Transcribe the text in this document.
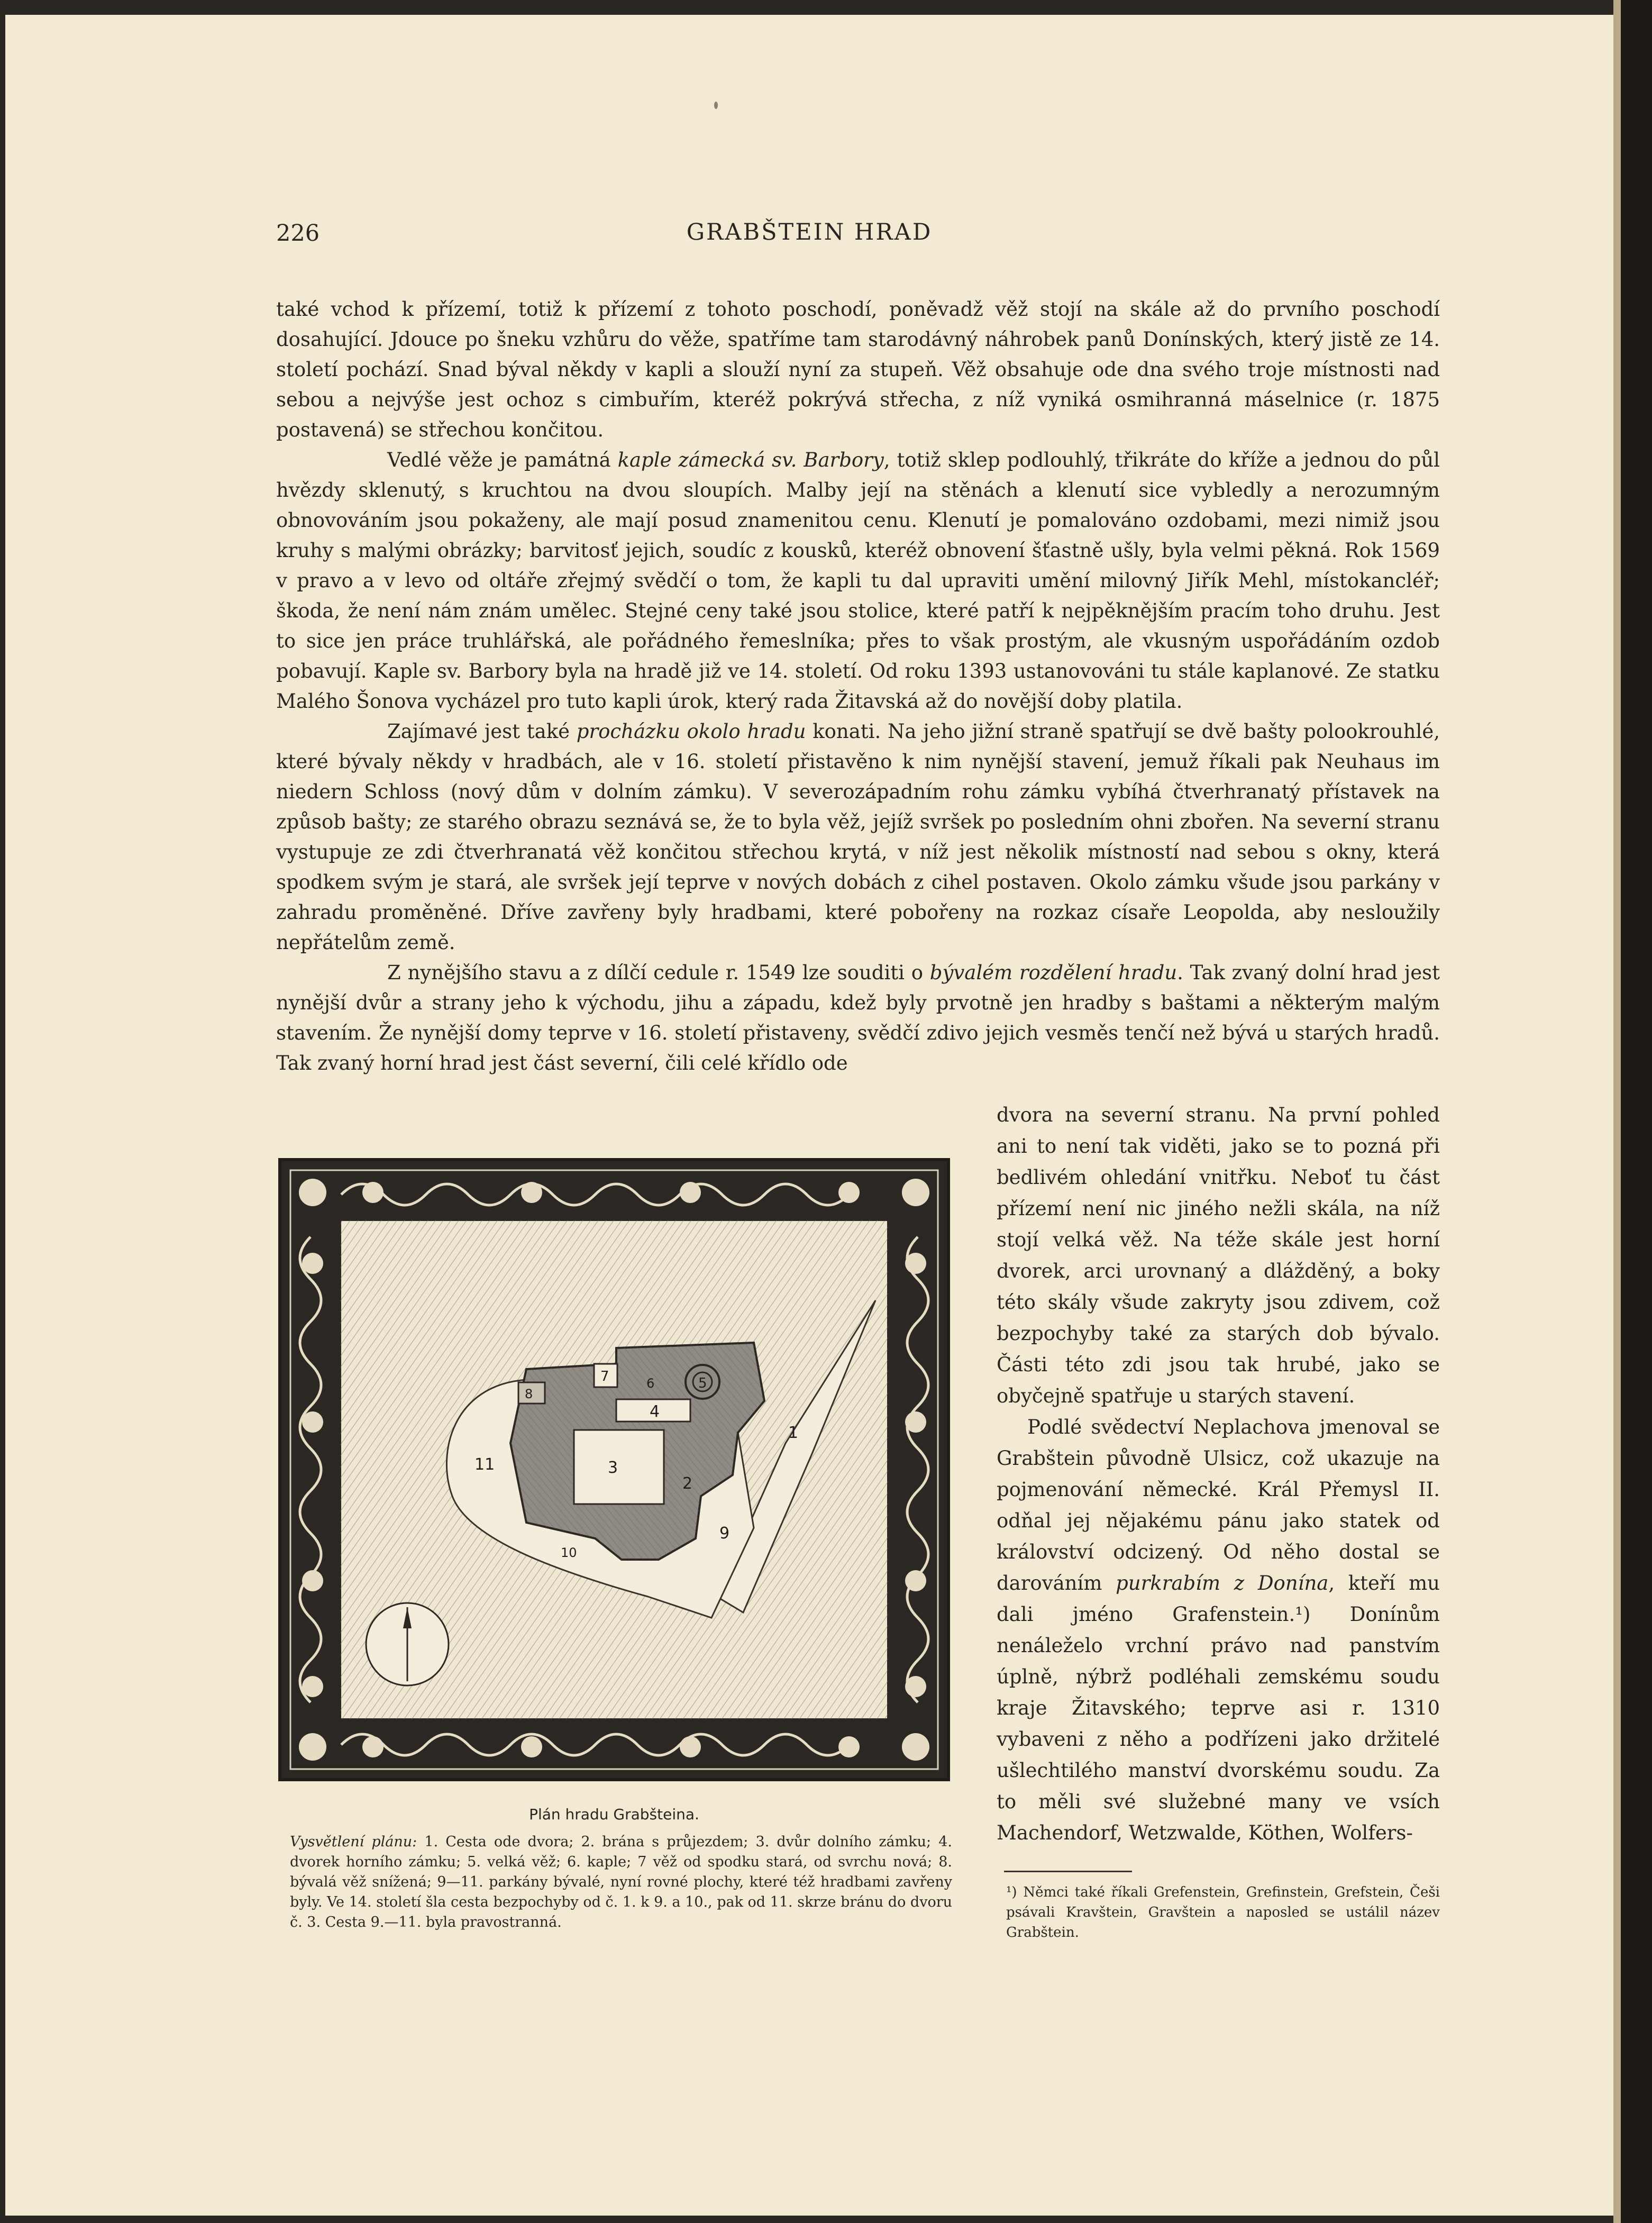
226	GRABŠTEIN HRAD

také vchod k přízemí, totiž k přízemí z tohoto poschodí, poněvadž věž stojí na skále až do prvního poschodí dosahující. Jdouce po šneku vzhůru do věže, spatříme tam starodávný náhrobek panů Donínských, který jistě ze 14. století pochází. Snad býval někdy v kapli a slouží nyní za stupeň. Věž obsahuje ode dna svého troje místnosti nad sebou a nejvýše jest ochoz s cimbuřím, kteréž pokrývá střecha, z níž vyniká osmihranná máselnice (r. 1875 postavená) se střechou končitou.

Vedlé věže je památná kaple zámecká sv. Barbory, totiž sklep podlouhlý, třikráte do kříže a jednou do půl hvězdy sklenutý, s kruchtou na dvou sloupích. Malby její na stěnách a klenutí sice vybledly a nerozumným obnovováním jsou pokaženy, ale mají posud znamenitou cenu. Klenutí je pomalováno ozdobami, mezi nimiž jsou kruhy s malými obrázky; barvitosť jejich, soudíc z kousků, kteréž obnovení šťastně ušly, byla velmi pěkná. Rok 1569 v pravo a v levo od oltáře zřejmý svědčí o tom, že kapli tu dal upraviti umění milovný Jiřík Mehl, místokancléř; škoda, že není nám znám umělec. Stejné ceny také jsou stolice, které patří k nejpěknějším pracím toho druhu. Jest to sice jen práce truhlářská, ale pořádného řemeslníka; přes to však prostým, ale vkusným uspořádáním ozdob pobavují. Kaple sv. Barbory byla na hradě již ve 14. století. Od roku 1393 ustanovováni tu stále kaplanové. Ze statku Malého Šonova vycházel pro tuto kapli úrok, který rada Žitavská až do novější doby platila.

Zajímavé jest také procházku okolo hradu konati. Na jeho jižní straně spatřují se dvě bašty polookrouhlé, které bývaly někdy v hradbách, ale v 16. století přistavěno k nim nynější stavení, jemuž říkali pak Neuhaus im niedern Schloss (nový dům v dolním zámku). V severozápadním rohu zámku vybíhá čtverhranatý přístavek na způsob bašty; ze starého obrazu seznává se, že to byla věž, jejíž svršek po posledním ohni zbořen. Na severní stranu vystupuje ze zdi čtverhranatá věž končitou střechou krytá, v níž jest několik místností nad sebou s okny, která spodkem svým je stará, ale svršek její teprve v nových dobách z cihel postaven. Okolo zámku všude jsou parkány v zahradu proměněné. Dříve zavřeny byly hradbami, které pobořeny na rozkaz císaře Leopolda, aby nesloužily nepřátelům země.

Z nynějšího stavu a z dílčí cedule r. 1549 lze souditi o bývalém rozdělení hradu. Tak zvaný dolní hrad jest nynější dvůr a strany jeho k východu, jihu a západu, kdež byly prvotně jen hradby s baštami a některým malým stavením. Že nynější domy teprve v 16. století přistaveny, svědčí zdivo jejich vesměs tenčí než bývá u starých hradů. Tak zvaný horní hrad jest část severní, čili celé křídlo ode

dvora na severní stranu. Na první pohled ani to není tak viděti, jako se to pozná při bedlivém ohledání vnitřku. Neboť tu část přízemí není nic jiného nežli skála, na níž stojí velká věž. Na téže skále jest horní dvorek, arci urovnaný a dlážděný, a boky této skály všude zakryty jsou zdivem, což bezpochyby také za starých dob bývalo. Části této zdi jsou tak hrubé, jako se obyčejně spatřuje u starých stavení.

Podlé svědectví Neplachova jmenoval se Grabštein původně Ulsicz, což ukazuje na pojmenování německé. Král Přemysl II. odňal jej nějakému pánu jako statek od království odcizený. Od něho dostal se darováním purkrabím z Donína, kteří mu dali jméno Grafenstein.¹) Donínům nenáleželo vrchní právo nad panstvím úplně, nýbrž podléhali zemskému soudu kraje Žitavského; teprve asi r. 1310 vybaveni z něho a podřízeni jako držitelé ušlechtilého manství dvorskému soudu. Za to měli své služebné many ve vsích Machendorf, Wetzwalde, Köthen, Wolfers-

1
2
3
4
5
6
7
8
9
10
11
Plán hradu Grabšteina.
Vysvětlení plánu: 1. Cesta ode dvora; 2. brána s průjezdem; 3. dvůr dolního zámku; 4. dvorek horního zámku; 5. velká věž; 6. kaple; 7 věž od spodku stará, od svrchu nová; 8. bývalá věž snížená; 9—11. parkány bývalé, nyní rovné plochy, které též hradbami zavřeny byly. Ve 14. století šla cesta bezpochyby od č. 1. k 9. a 10., pak od 11. skrze bránu do dvoru č. 3. Cesta 9.—11. byla pravostranná.
¹) Němci také říkali Grefenstein, Grefinstein, Grefstein, Češi psávali Kravštein, Gravštein a naposled se ustálil název Grabštein.
